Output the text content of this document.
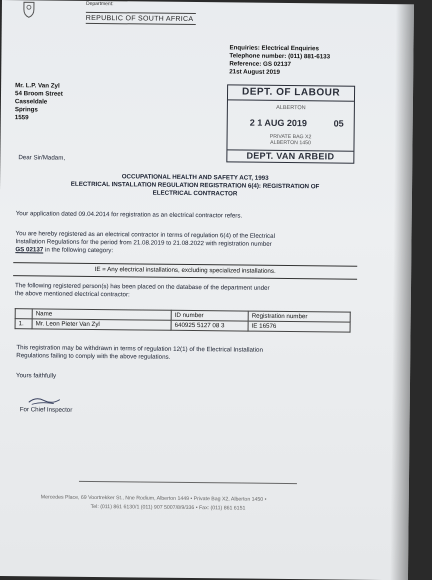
Department:
REPUBLIC OF SOUTH AFRICA
Enquiries: Electrical Enquiries
Telephone number: (011) 881-6133
Reference: GS 02137
21st August 2019
DEPT. OF LABOUR
ALBERTON
2 1 AUG 2019	05
PRIVATE BAG X2
ALBERTON 1450
DEPT. VAN ARBEID
Mr. L.P. Van Zyl
54 Broom Street
Casseldale
Springs
1559
Dear Sir/Madam,
OCCUPATIONAL HEALTH AND SAFETY ACT, 1993
ELECTRICAL INSTALLATION REGULATION REGISTRATION 6(4): REGISTRATION OF
ELECTRICAL CONTRACTOR
Your application dated 09.04.2014 for registration as an electrical contractor refers.
You are hereby registered as an electrical contractor in terms of regulation 6(4) of the Electrical
Installation Regulations for the period from 21.08.2019 to 21.08.2022 with registration number
GS 02137 in the following category:
IE = Any electrical installations, excluding specialized installations.
The following registered person(s) has been placed on the database of the department under
the above mentioned electrical contractor:
	Name	ID number	Registration number
1.	Mr. Leon Pieter Van Zyl	640925 5127 08 3	IE 16576
This registration may be withdrawn in terms of regulation 12(1) of the Electrical Installation
Regulations failing to comply with the above regulations.
Yours faithfully
For Chief Inspector
Mercedes Place, 69 Voortrekker St., Nne Rodium, Alberton 1449 • Private Bag X2, Alberton 1450 •
Tel: (011) 861 6130/1 (011) 907 5007/8/9/336 • Fax: (011) 861 6151
